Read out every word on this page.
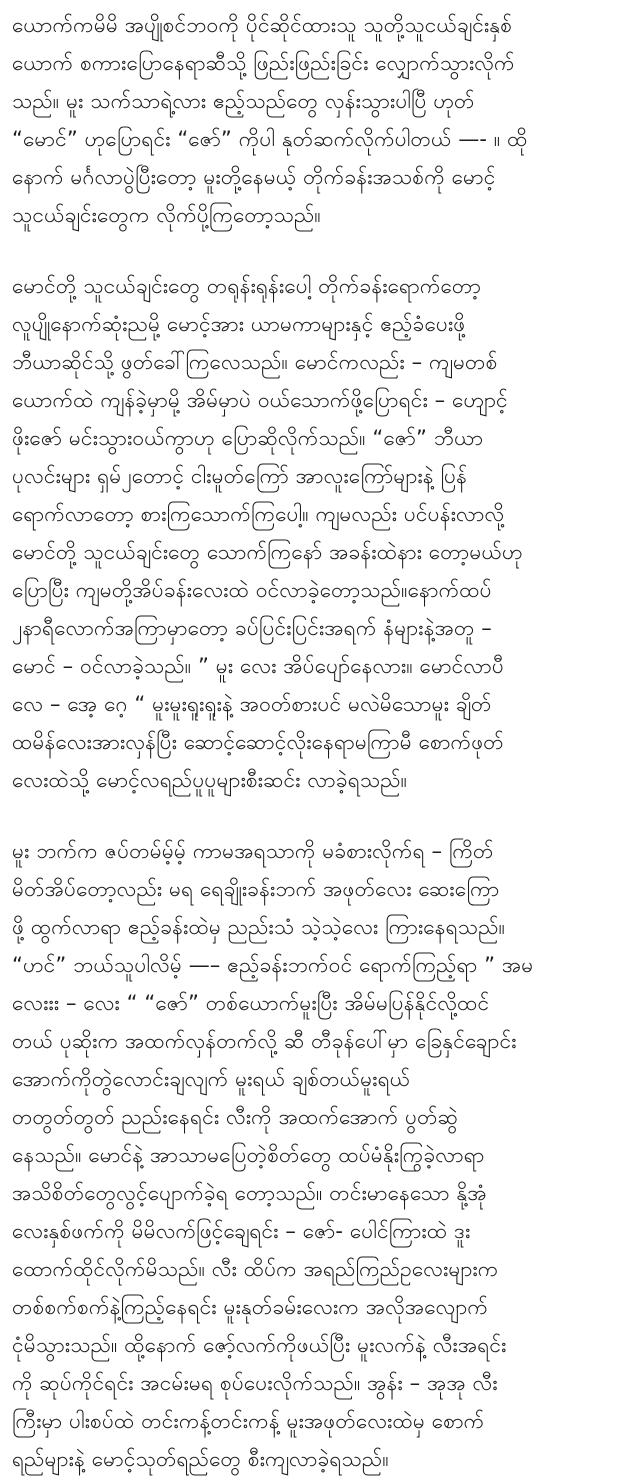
ယောက်ကမိမိ အပျိုစင်ဘဝကို ပိုင်ဆိုင်ထားသူ သူတို့သူငယ်ချင်းနှစ်
ယောက် စကားပြောနေရာဆီသို့ ဖြည်းဖြည်းခြင်း လျှောက်သွားလိုက်
သည်။ မူး သက်သာရဲ့လား ဧည့်သည်တွေ လှန်းသွားပါပြီ ဟုတ်
“မောင်” ဟုပြောရင်း “ဇော်” ကိုပါ နုတ်ဆက်လိုက်ပါတယ် —- ။ ထို
နောက် မင်္ဂလာပွဲပြီးတော့ မူးတို့နေမယ့် တိုက်ခန်းအသစ်ကို မောင့်
သူငယ်ချင်းတွေက လိုက်ပို့ကြတော့သည်။
မောင်တို့ သူငယ်ချင်းတွေ တရုန်းရုန်းပေါ့ တိုက်ခန်းရောက်တော့
လူပျိုနောက်ဆုံးညမို့ မောင့်အား ယာမကာများနှင့် ဧည့်ခံပေးဖို့
ဘီယာဆိုင်သို့ ဖွတ်ခေါ်ကြလေသည်။ မောင်ကလည်း – ကျမတစ်
ယောက်ထဲ ကျန်ခဲ့မှာမို့ အိမ်မှာပဲ ဝယ်သောက်ဖို့ပြောရင်း – ဟျောင့်
ဖိုးဇော် မင်းသွားဝယ်ကွာဟု ပြောဆိုလိုက်သည်။ “ဇော်” ဘီယာ
ပုလင်းများ ရှမ်၂တောင့် ငါးမူတ်ကြော် အာလူးကြော်များနဲ့ ပြန်
ရောက်လာတော့ စားကြသောက်ကြပေါ့။ ကျမလည်း ပင်ပန်းလာလို့
မောင်တို့ သူငယ်ချင်းတွေ သောက်ကြနော် အခန်းထဲနား တော့မယ်ဟု
ပြောပြီး ကျမတို့အိပ်ခန်းလေးထဲ ဝင်လာခဲ့တော့သည်။နောက်ထပ်
၂နာရီလောက်အကြာမှာတော့ ခပ်ပြင်းပြင်းအရက် နံများနဲ့အတူ –
မောင် – ဝင်လာခဲ့သည်။ ” မူး လေး အိပ်ပျော်နေလား။ မောင်လာပီ
လေ – အေ့ ဂေ့ “ မူးမူးရူးရူးနဲ့ အဝတ်စားပင် မလဲမိသောမူး ချိတ်
ထမိန်လေးအားလှန်ပြီး ဆောင့်ဆောင့်လိုးနေရာမကြာမီ စောက်ဖုတ်
လေးထဲသို့ မောင့်လရည်ပူပူများစီးဆင်း လာခဲ့ရသည်။
မူး ဘက်က ဇပ်တမ်မ့်မ့် ကာမအရသာကို မခံစားလိုက်ရ – ကြိတ်
မိတ်အိပ်တော့လည်း မရ ရေချိုးခန်းဘက် အဖုတ်လေး ဆေးကြော
ဖို့ ထွက်လာရာ ဧည့်ခန်းထဲမှ ညည်းသံ သဲ့သဲ့လေး ကြားနေရသည်။
“ဟင်” ဘယ်သူပါလိမ့် —– ဧည့်ခန်းဘက်ဝင် ရောက်ကြည့်ရာ ” အမ
လေးးး – လေး “ “ဇော်” တစ်ယောက်မူးပြီး အိမ်မပြန်နိုင်လို့ထင်
တယ် ပုဆိုးက အထက်လှန်တက်လို့ ဆီ တီခုန်ပေါ်မှာ ခြေနှင်ချောင်း
အောက်ကိုတွဲလောင်းချလျက် မူးရယ် ချစ်တယ်မူးရယ်
တတွတ်တွတ် ညည်းနေရင်း လီးကို အထက်အောက် ပွတ်ဆွဲ
နေသည်။ မောင်နဲ့ အာသာမပြေတဲ့စိတ်တွေ ထပ်မံနိုးကြွခဲ့လာရာ
အသိစိတ်တွေလွင့်ပျောက်ခဲ့ရ တော့သည်။ တင်းမာနေသော နို့အုံ
လေးနှစ်ဖက်ကို မိမိလက်ဖြင့်ချေရင်း – ဇော်- ပေါင်ကြားထဲ ဒူး
ထောက်ထိုင်လိုက်မိသည်။ လီး ထိပ်က အရည်ကြည်ဥလေးများက
တစ်စက်စက်နဲ့ကြည့်နေရင်း မူးနုတ်ခမ်းလေးက အလိုအလျောက်
ငုံမိသွားသည်။ ထို့နောက် ဇော့်လက်ကိုဖယ်ပြီး မူးလက်နဲ့ လီးအရင်း
ကို ဆုပ်ကိုင်ရင်း အငမ်းမရ စုပ်ပေးလိုက်သည်။ အွန်း – အုအု လီး
ကြီးမှာ ပါးစပ်ထဲ တင်းကန့်တင်းကန့် မူးအဖုတ်လေးထဲမှ စောက်
ရည်များနဲ့ မောင့်သုတ်ရည်တွေ စီးကျလာခဲ့ရသည်။
